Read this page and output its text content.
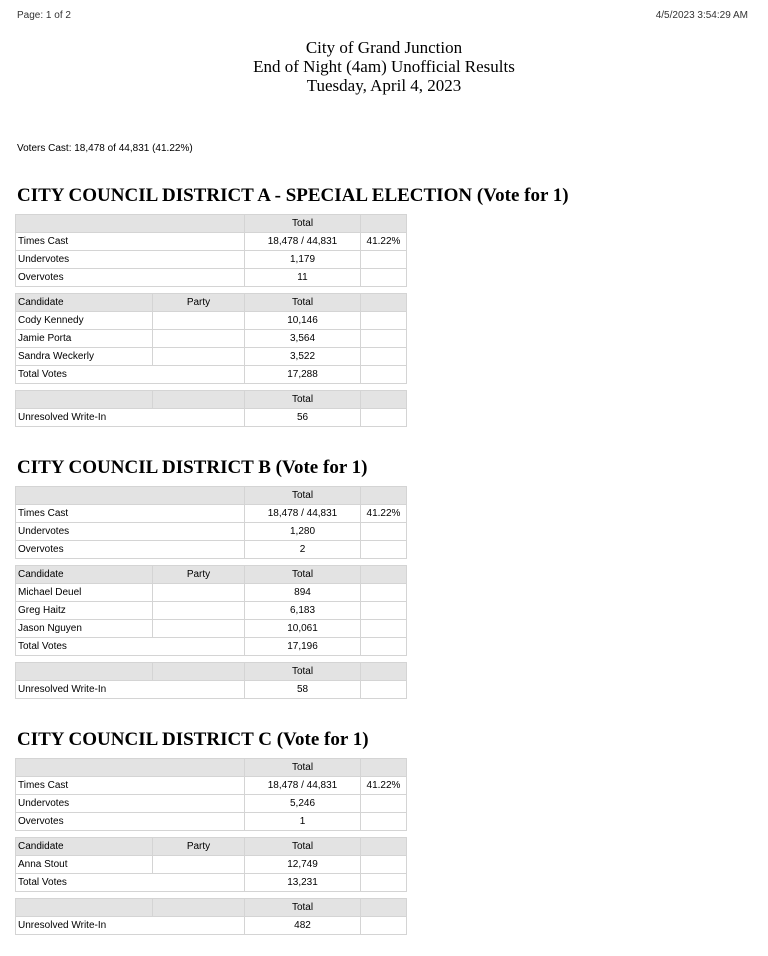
Page: 1 of 2	4/5/2023 3:54:29 AM
City of Grand Junction
End of Night (4am) Unofficial Results
Tuesday, April 4, 2023
Voters Cast: 18,478 of 44,831 (41.22%)
CITY COUNCIL DISTRICT A - SPECIAL ELECTION (Vote for 1)
	Total	
Times Cast	18,478 / 44,831	41.22%
Undervotes	1,179	
Overvotes	11	
Candidate	Party	Total	
Cody Kennedy		10,146	
Jamie Porta		3,564	
Sandra Weckerly		3,522	
Total Votes		17,288	
		Total	
Unresolved Write-In		56	
CITY COUNCIL DISTRICT B (Vote for 1)
	Total	
Times Cast	18,478 / 44,831	41.22%
Undervotes	1,280	
Overvotes	2	
Candidate	Party	Total	
Michael Deuel		894	
Greg Haitz		6,183	
Jason Nguyen		10,061	
Total Votes		17,196	
		Total	
Unresolved Write-In		58	
CITY COUNCIL DISTRICT C (Vote for 1)
	Total	
Times Cast	18,478 / 44,831	41.22%
Undervotes	5,246	
Overvotes	1	
Candidate	Party	Total	
Anna Stout		12,749	
Total Votes		13,231	
		Total	
Unresolved Write-In		482	
